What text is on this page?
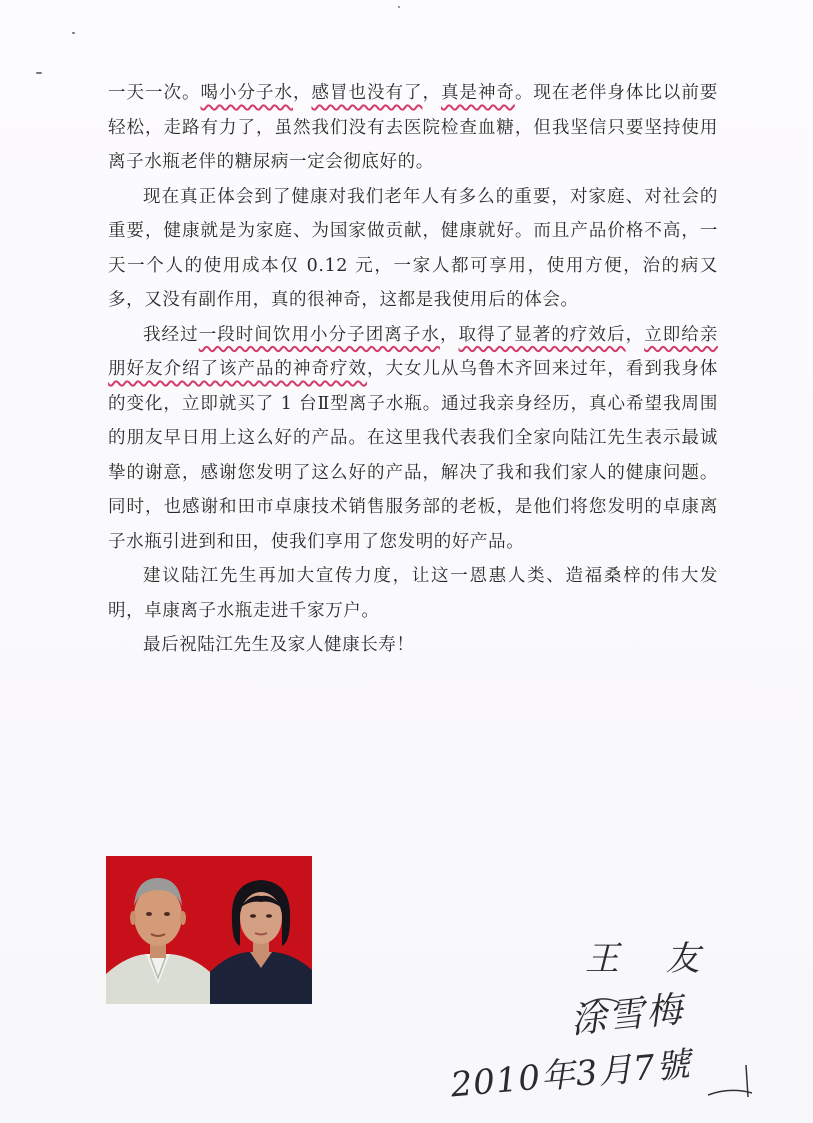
一天一次。喝小分子水，感冒也没有了，真是神奇。现在老伴身体比以前要轻松，走路有力了，虽然我们没有去医院检查血糖，但我坚信只要坚持使用离子水瓶老伴的糖尿病一定会彻底好的。

现在真正体会到了健康对我们老年人有多么的重要，对家庭、对社会的重要，健康就是为家庭、为国家做贡献，健康就好。而且产品价格不高，一天一个人的使用成本仅 0.12 元，一家人都可享用，使用方便，治的病又多，又没有副作用，真的很神奇，这都是我使用后的体会。

我经过一段时间饮用小分子团离子水，取得了显著的疗效后，立即给亲朋好友介绍了该产品的神奇疗效，大女儿从乌鲁木齐回来过年，看到我身体的变化，立即就买了 1 台Ⅱ型离子水瓶。通过我亲身经历，真心希望我周围的朋友早日用上这么好的产品。在这里我代表我们全家向陆江先生表示最诚挚的谢意，感谢您发明了这么好的产品，解决了我和我们家人的健康问题。同时，也感谢和田市卓康技术销售服务部的老板，是他们将您发明的卓康离子水瓶引进到和田，使我们享用了您发明的好产品。

建议陆江先生再加大宣传力度，让这一恩惠人类、造福桑梓的伟大发明，卓康离子水瓶走进千家万户。

最后祝陆江先生及家人健康长寿！

王 友
涂雪梅
2010年3月7號
